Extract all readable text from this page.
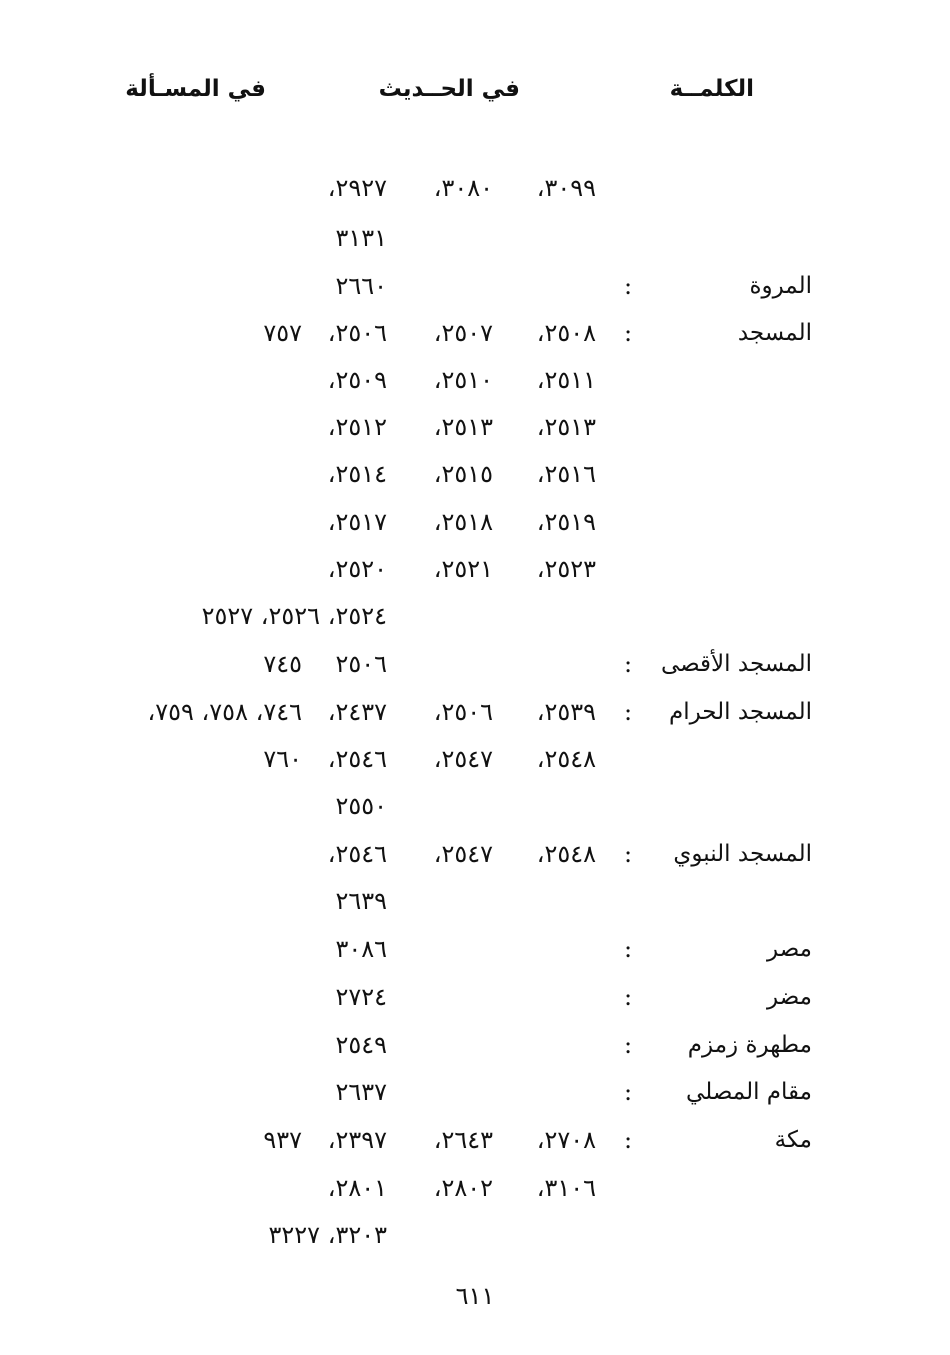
الكلمــة
في الحــديث
في المسـألة
٢٩٢٧، ٣٠٨٠، ٣٠٩٩،
٣١٣١
المروة
:
٢٦٦٠
المسجد
:
٢٥٠٦، ٢٥٠٧، ٢٥٠٨،
٧٥٧
٢٥٠٩، ٢٥١٠، ٢٥١١،
٢٥١٢، ٢٥١٣، ٢٥١٣،
٢٥١٤، ٢٥١٥، ٢٥١٦،
٢٥١٧، ٢٥١٨، ٢٥١٩،
٢٥٢٠، ٢٥٢١، ٢٥٢٣،
٢٥٢٤، ٢٥٢٦، ٢٥٢٧
المسجد الأقصى
:
٢٥٠٦
٧٤٥
المسجد الحرام
:
٢٤٣٧، ٢٥٠٦، ٢٥٣٩،
٧٤٦، ٧٥٨، ٧٥٩،
٢٥٤٦، ٢٥٤٧، ٢٥٤٨،
٧٦٠
٢٥٥٠
المسجد النبوي
:
٢٥٤٦، ٢٥٤٧، ٢٥٤٨،
٢٦٣٩
مصر
:
٣٠٨٦
مضر
:
٢٧٢٤
مطهرة زمزم
:
٢٥٤٩
مقام المصلي
:
٢٦٣٧
مكة
:
٢٣٩٧، ٢٦٤٣، ٢٧٠٨،
٩٣٧
٢٨٠١، ٢٨٠٢، ٣١٠٦،
٣٢٠٣، ٣٢٢٧
٦١١
